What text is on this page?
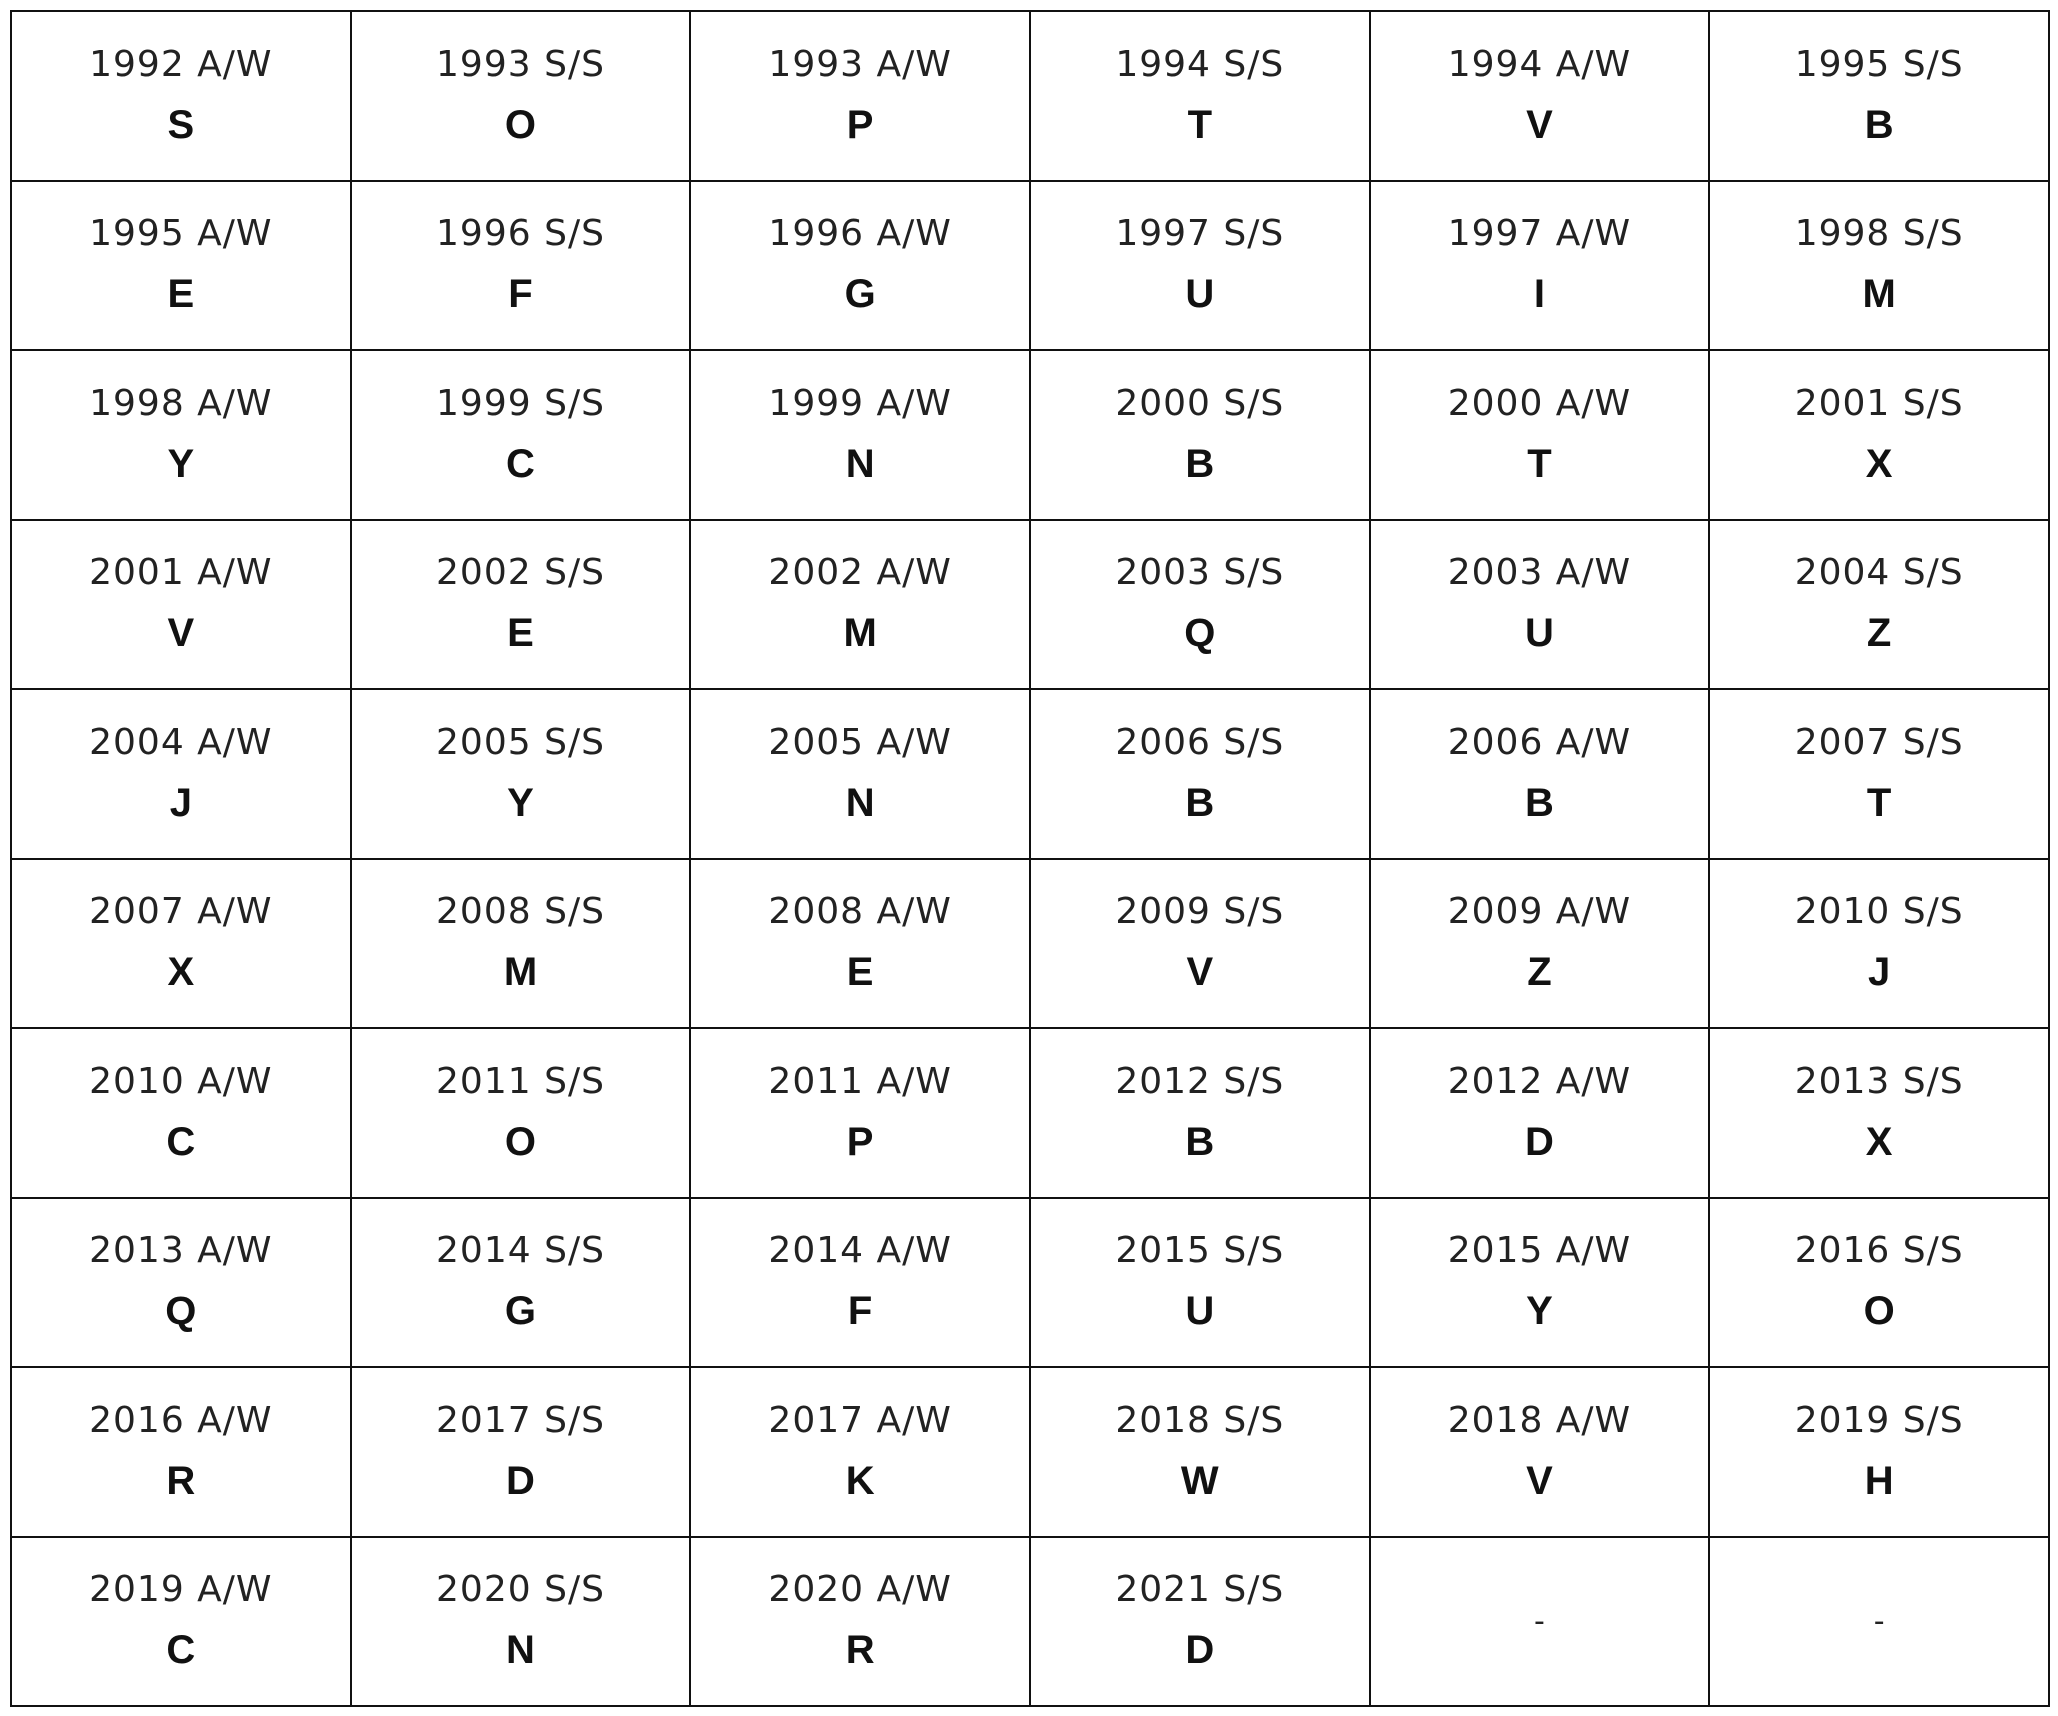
1992 A/W
S	1993 S/S
O	1993 A/W
P	1994 S/S
T	1994 A/W
V	1995 S/S
B

1995 A/W
E	1996 S/S
F	1996 A/W
G	1997 S/S
U	1997 A/W
I	1998 S/S
M

1998 A/W
Y	1999 S/S
C	1999 A/W
N	2000 S/S
B	2000 A/W
T	2001 S/S
X

2001 A/W
V	2002 S/S
E	2002 A/W
M	2003 S/S
Q	2003 A/W
U	2004 S/S
Z

2004 A/W
J	2005 S/S
Y	2005 A/W
N	2006 S/S
B	2006 A/W
B	2007 S/S
T

2007 A/W
X	2008 S/S
M	2008 A/W
E	2009 S/S
V	2009 A/W
Z	2010 S/S
J

2010 A/W
C	2011 S/S
O	2011 A/W
P	2012 S/S
B	2012 A/W
D	2013 S/S
X

2013 A/W
Q	2014 S/S
G	2014 A/W
F	2015 S/S
U	2015 A/W
Y	2016 S/S
O

2016 A/W
R	2017 S/S
D	2017 A/W
K	2018 S/S
W	2018 A/W
V	2019 S/S
H

2019 A/W
C	2020 S/S
N	2020 A/W
R	2021 S/S
D	-	-
